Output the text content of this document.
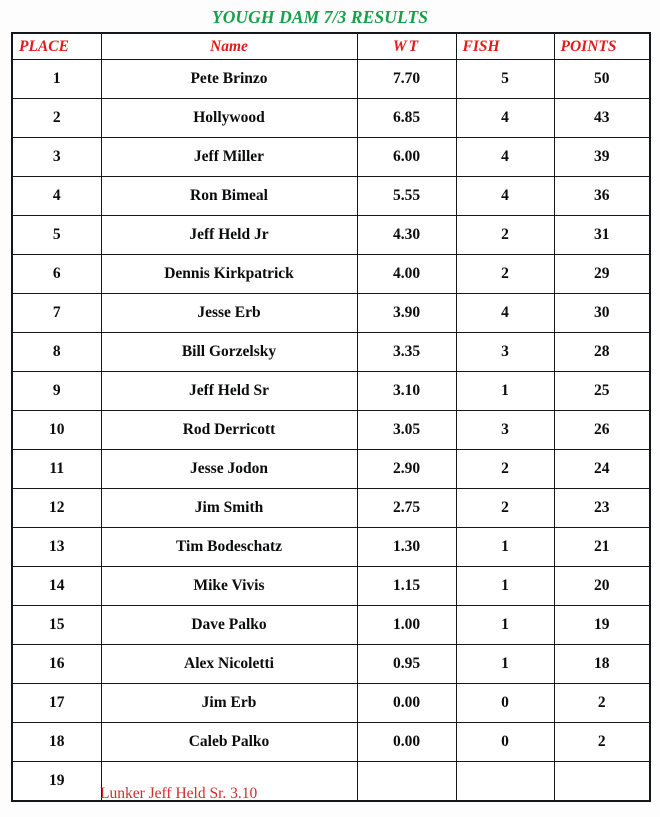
YOUGH DAM 7/3 RESULTS
PLACE	Name	WT	FISH	POINTS
1	Pete Brinzo	7.70	5	50
2	Hollywood	6.85	4	43
3	Jeff Miller	6.00	4	39
4	Ron Bimeal	5.55	4	36
5	Jeff Held Jr	4.30	2	31
6	Dennis Kirkpatrick	4.00	2	29
7	Jesse Erb	3.90	4	30
8	Bill Gorzelsky	3.35	3	28
9	Jeff Held Sr	3.10	1	25
10	Rod Derricott	3.05	3	26
11	Jesse Jodon	2.90	2	24
12	Jim Smith	2.75	2	23
13	Tim Bodeschatz	1.30	1	21
14	Mike Vivis	1.15	1	20
15	Dave Palko	1.00	1	19
16	Alex Nicoletti	0.95	1	18
17	Jim Erb	0.00	0	2
18	Caleb Palko	0.00	0	2
19				
Lunker Jeff Held Sr. 3.10
